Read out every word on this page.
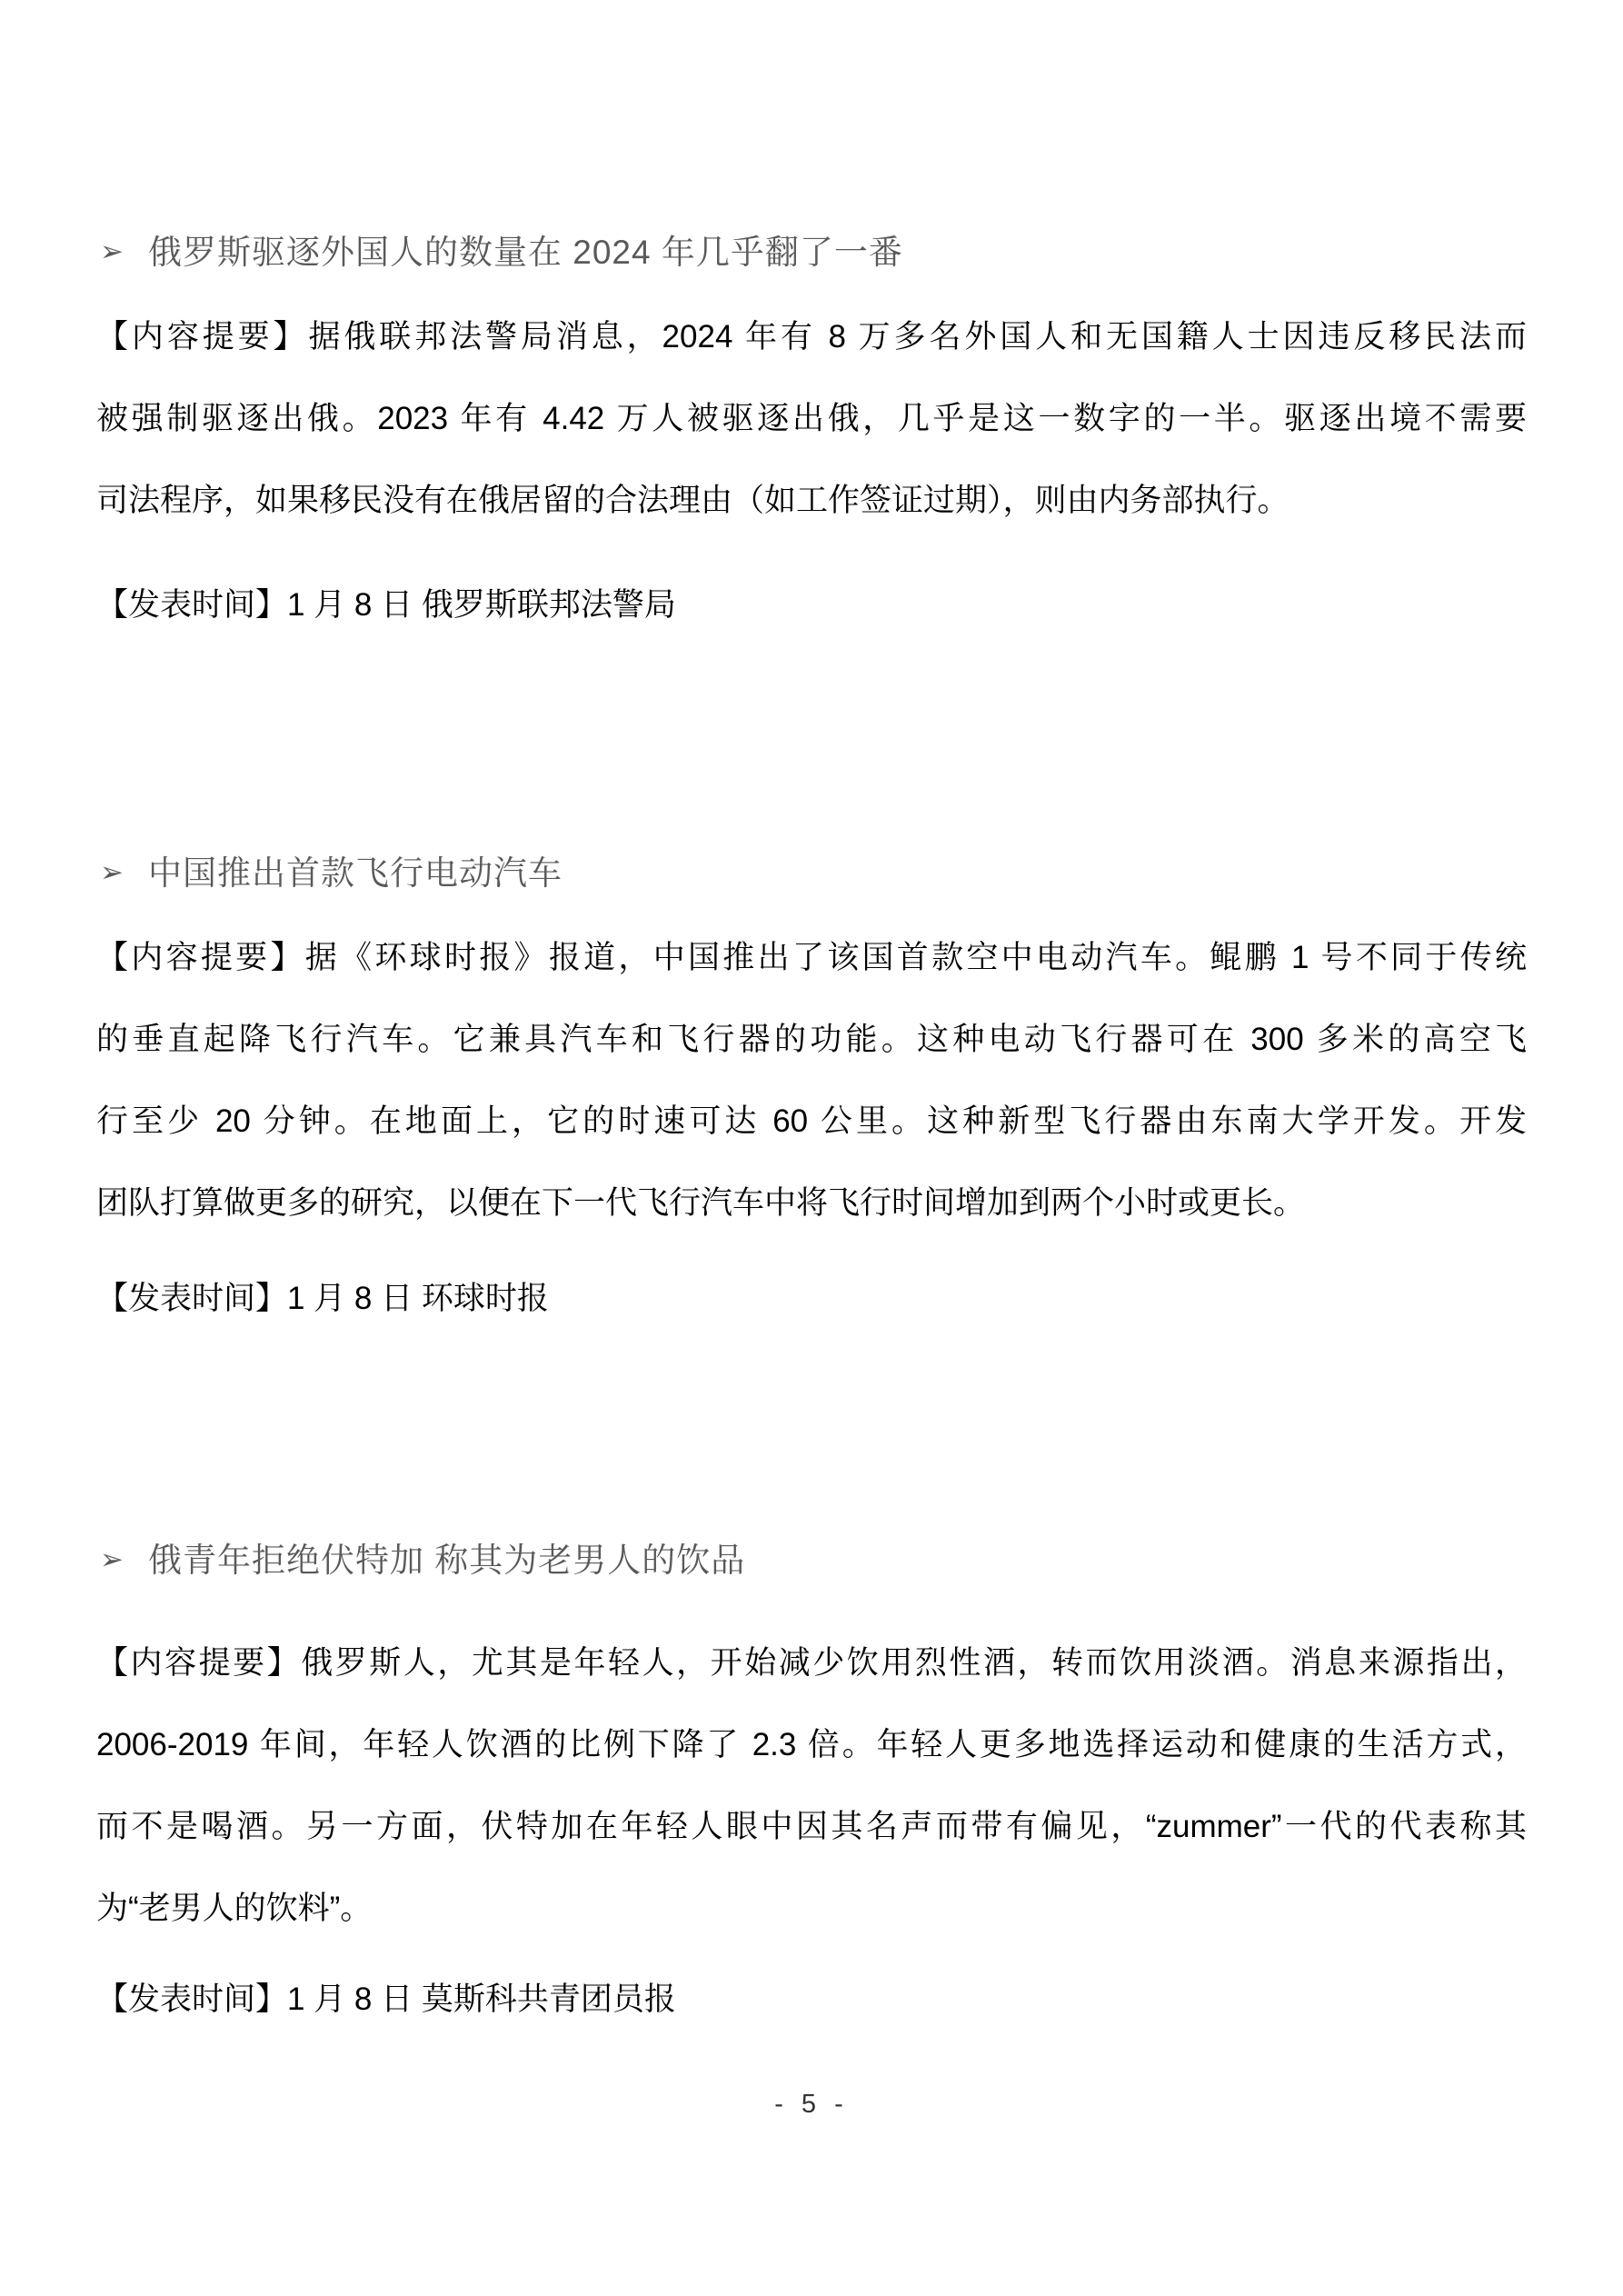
➢ 俄罗斯驱逐外国人的数量在 2024 年几乎翻了一番
【内容提要】据俄联邦法警局消息，2024 年有 8 万多名外国人和无国籍人士因违反移民法而
被强制驱逐出俄。2023 年有 4.42 万人被驱逐出俄，几乎是这一数字的一半。驱逐出境不需要
司法程序，如果移民没有在俄居留的合法理由（如工作签证过期），则由内务部执行。
【发表时间】1 月 8 日 俄罗斯联邦法警局
➢ 中国推出首款飞行电动汽车
【内容提要】据《环球时报》报道，中国推出了该国首款空中电动汽车。鲲鹏 1 号不同于传统
的垂直起降飞行汽车。它兼具汽车和飞行器的功能。这种电动飞行器可在 300 多米的高空飞
行至少 20 分钟。在地面上，它的时速可达 60 公里。这种新型飞行器由东南大学开发。开发
团队打算做更多的研究，以便在下一代飞行汽车中将飞行时间增加到两个小时或更长。
【发表时间】1 月 8 日 环球时报
➢ 俄青年拒绝伏特加 称其为老男人的饮品
【内容提要】俄罗斯人，尤其是年轻人，开始减少饮用烈性酒，转而饮用淡酒。消息来源指出，
2006-2019 年间，年轻人饮酒的比例下降了 2.3 倍。年轻人更多地选择运动和健康的生活方式，
而不是喝酒。另一方面，伏特加在年轻人眼中因其名声而带有偏见，“zummer”一代的代表称其
为“老男人的饮料”。
【发表时间】1 月 8 日 莫斯科共青团员报
- 5 -
